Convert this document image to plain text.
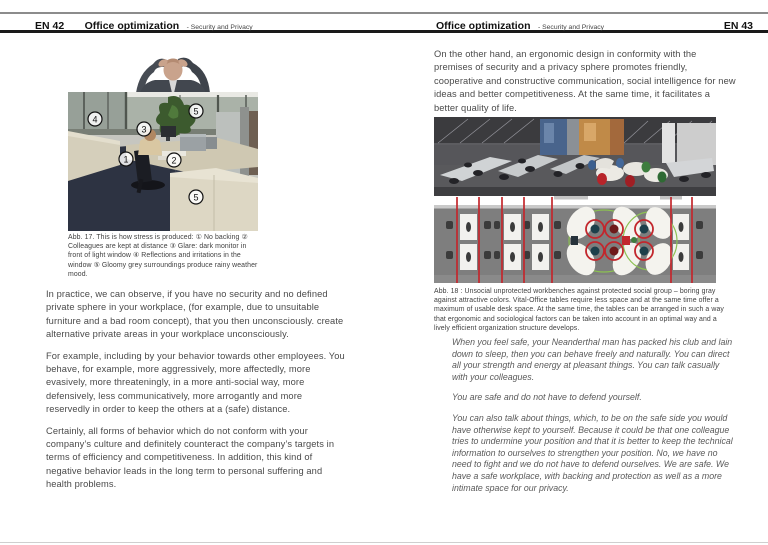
EN 42 Office optimization - Security and Privacy	Office optimization - Security and Privacy	EN 43
4
5
3
1	2
5
Abb. 17. This is how stress is produced: ① No backing ② Colleagues are kept at distance ③ Glare: dark monitor in front of light window ④ Reflections and irritations in the window ⑤ Gloomy grey surroundings produce rainy weather mood.

In practice, we can observe, if you have no security and no defined private sphere in your workplace, (for example, due to unsuitable furniture and a bad room concept), that you then unconsciously. create alternative private areas in your workplace unconsciously.

For example, including by your behavior towards other employees. You behave, for example, more aggressively, more affectedly, more evasively, more threateningly, in a more anti-social way, more defensively, less communicatively, more arrogantly and more reservedly in order to keep the others at a (safe) distance.

Certainly, all forms of behavior which do not conform with your company’s culture and definitely counteract the company’s targets in terms of efficiency and competitiveness. In addition, this kind of negative behavior leads in the long term to personal suffering and health problems.

On the other hand, an ergonomic design in conformity with the premises of security and a privacy sphere promotes friendly, cooperative and constructive communication, social intelligence for new ideas and better competitiveness. At the same time, it facilitates a better quality of life.

Abb. 18 : Unsocial unprotected workbenches against protected social group – boring gray against attractive colors. Vital-Office tables require less space and at the same time offer a maximum of usable desk space. At the same time, the tables can be arranged in such a way that ergonomic and sociological factors can be taken into account in an optimal way and a lively efficient organization structure develops.

When you feel safe, your Neanderthal man has packed his club and lain down to sleep, then you can behave freely and naturally. You can direct all your strength and energy at pleasant things. You can talk casually with your colleagues.

You are safe and do not have to defend yourself.

You can also talk about things, which, to be on the safe side you would have otherwise kept to yourself. Because it could be that one colleague tries to undermine your position and that it is better to keep the technical information to ourselves to strengthen your position. No, we have no need to fight and we do not have to defend ourselves. We are safe. We have a safe workplace, with backing and protection as well as a more intimate space for our privacy.
